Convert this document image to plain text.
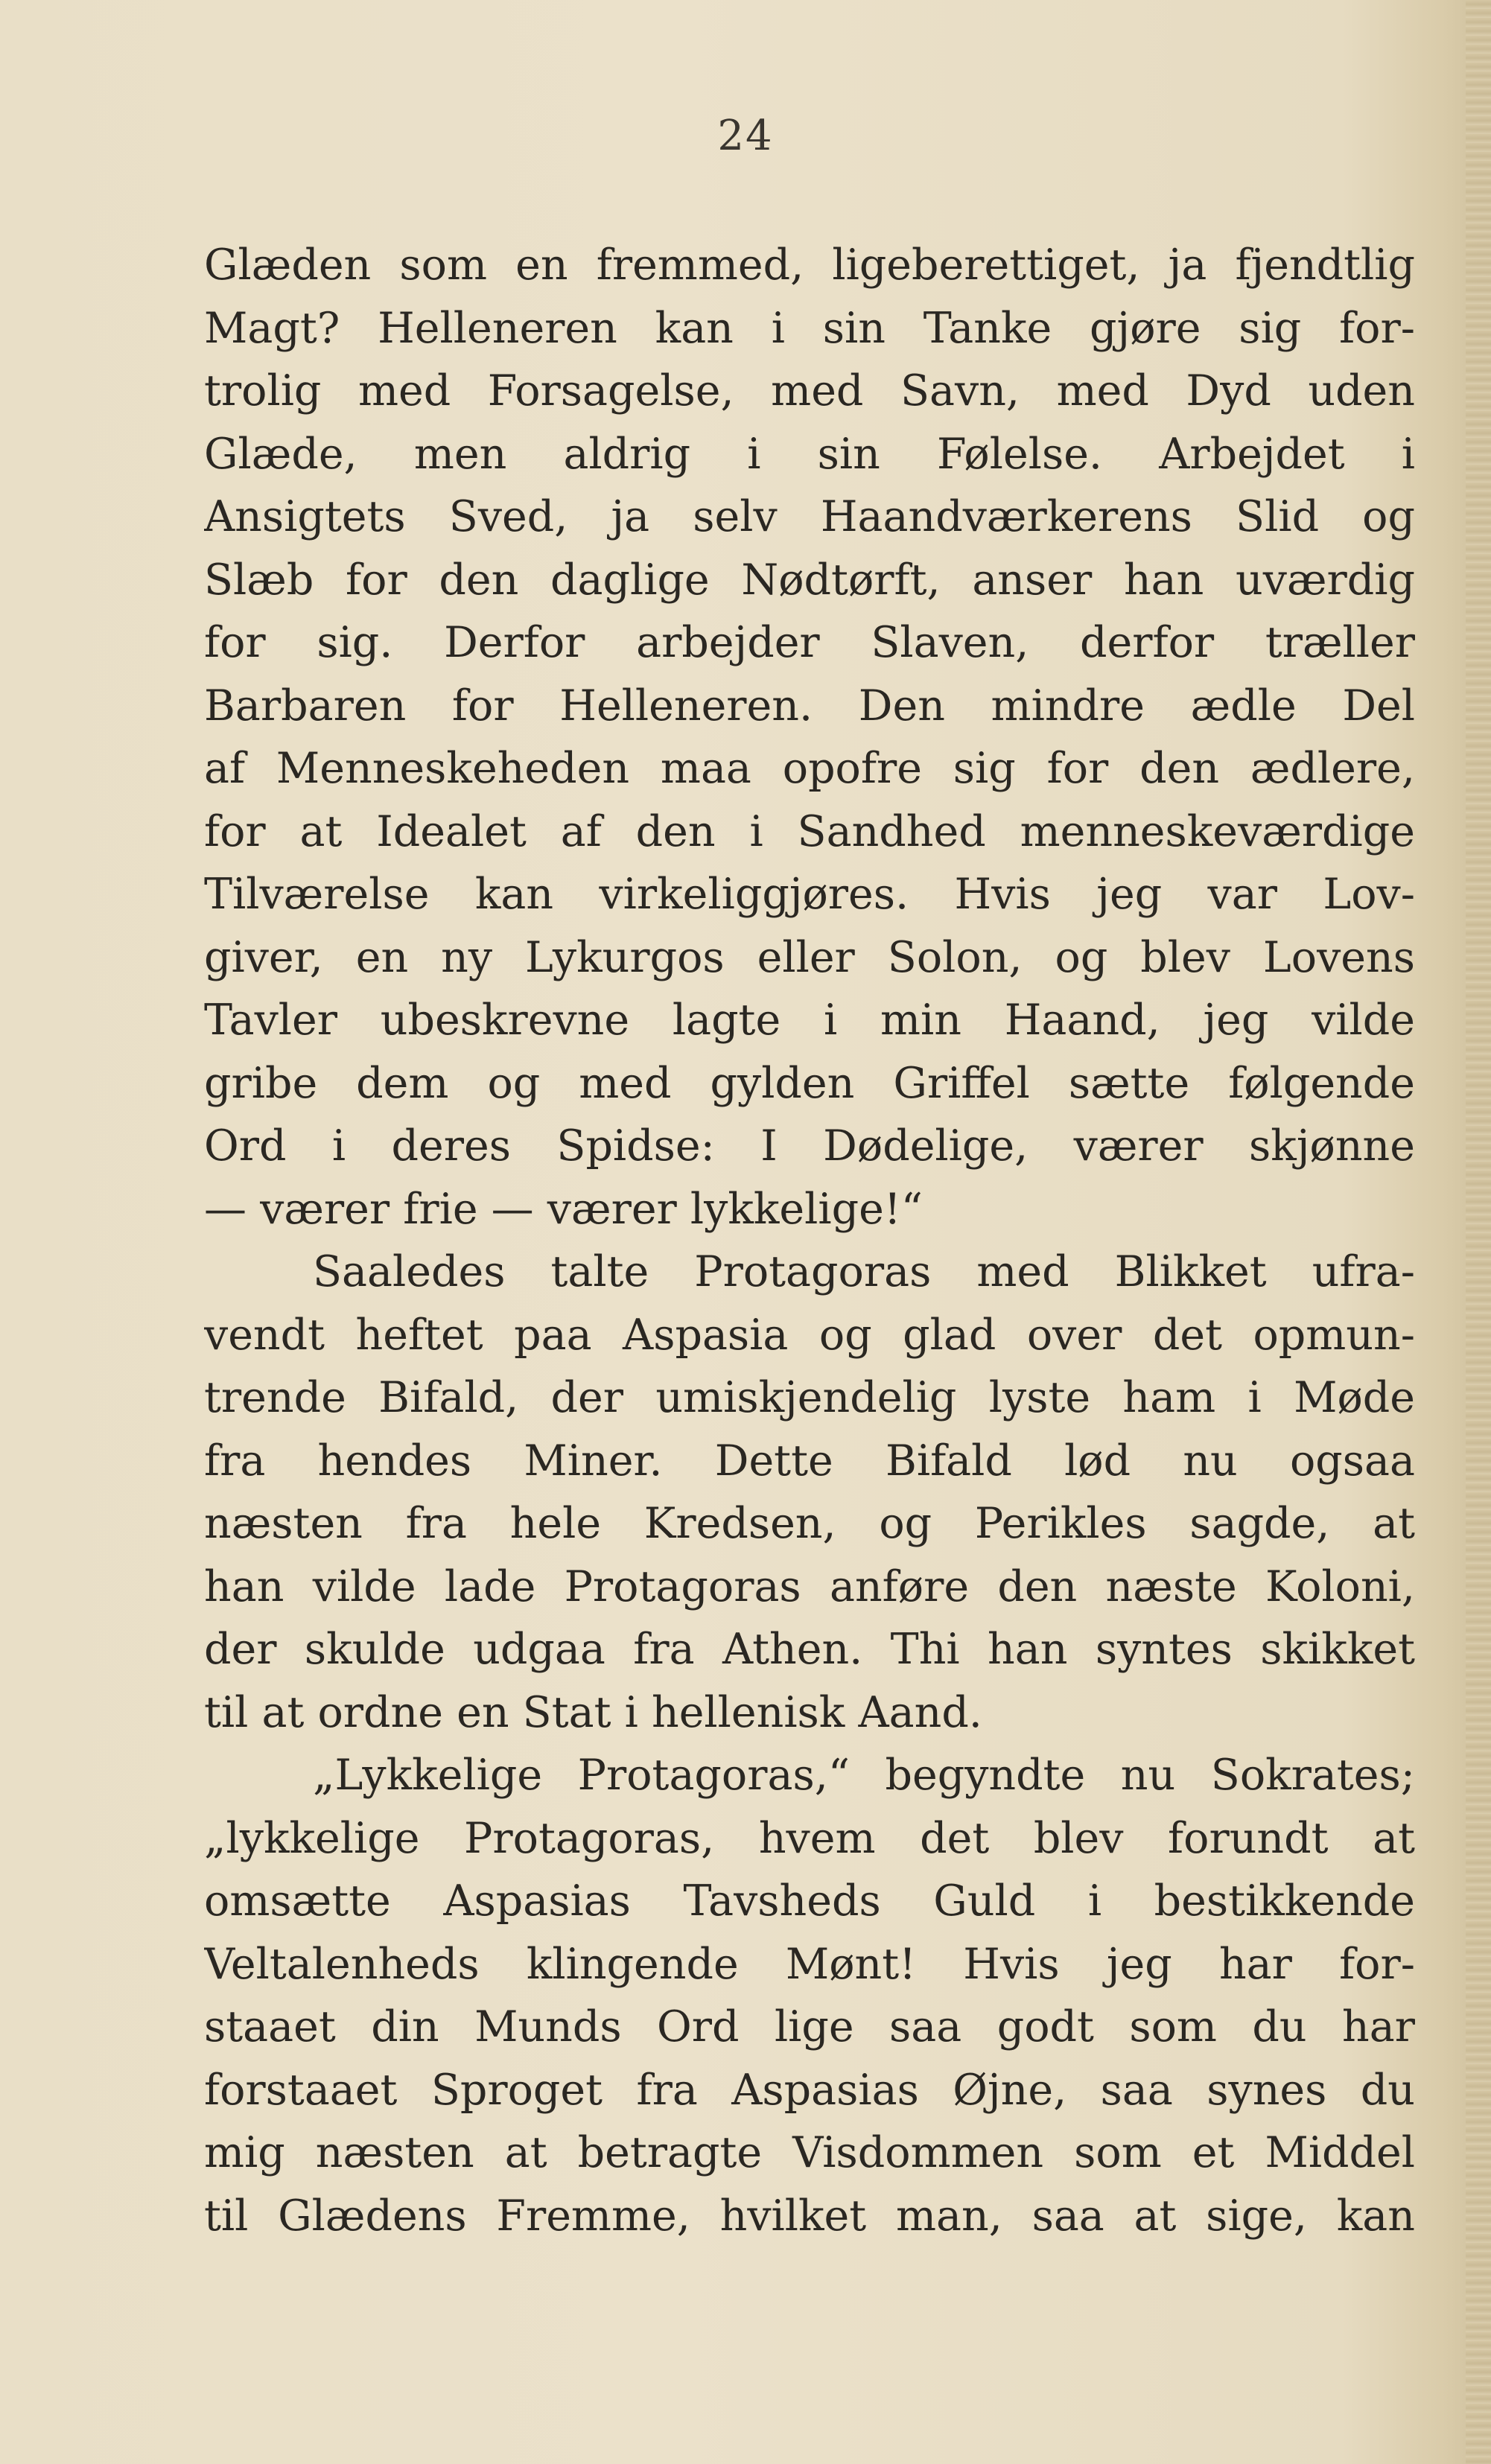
24
Glæden som en fremmed, ligeberettiget, ja fjendtlig
Magt? Helleneren kan i sin Tanke gjøre sig for-
trolig med Forsagelse, med Savn, med Dyd uden
Glæde, men aldrig i sin Følelse. Arbejdet i
Ansigtets Sved, ja selv Haandværkerens Slid og
Slæb for den daglige Nødtørft, anser han uværdig
for sig. Derfor arbejder Slaven, derfor træller
Barbaren for Helleneren. Den mindre ædle Del
af Menneskeheden maa opofre sig for den ædlere,
for at Idealet af den i Sandhed menneskeværdige
Tilværelse kan virkeliggjøres. Hvis jeg var Lov-
giver, en ny Lykurgos eller Solon, og blev Lovens
Tavler ubeskrevne lagte i min Haand, jeg vilde
gribe dem og med gylden Griffel sætte følgende
Ord i deres Spidse: I Dødelige, værer skjønne
— værer frie — værer lykkelige!“
Saaledes talte Protagoras med Blikket ufra-
vendt heftet paa Aspasia og glad over det opmun-
trende Bifald, der umiskjendelig lyste ham i Møde
fra hendes Miner. Dette Bifald lød nu ogsaa
næsten fra hele Kredsen, og Perikles sagde, at
han vilde lade Protagoras anføre den næste Koloni,
der skulde udgaa fra Athen. Thi han syntes skikket
til at ordne en Stat i hellenisk Aand.
„Lykkelige Protagoras,“ begyndte nu Sokrates;
„lykkelige Protagoras, hvem det blev forundt at
omsætte Aspasias Tavsheds Guld i bestikkende
Veltalenheds klingende Mønt! Hvis jeg har for-
staaet din Munds Ord lige saa godt som du har
forstaaet Sproget fra Aspasias Øjne, saa synes du
mig næsten at betragte Visdommen som et Middel
til Glædens Fremme, hvilket man, saa at sige, kan
